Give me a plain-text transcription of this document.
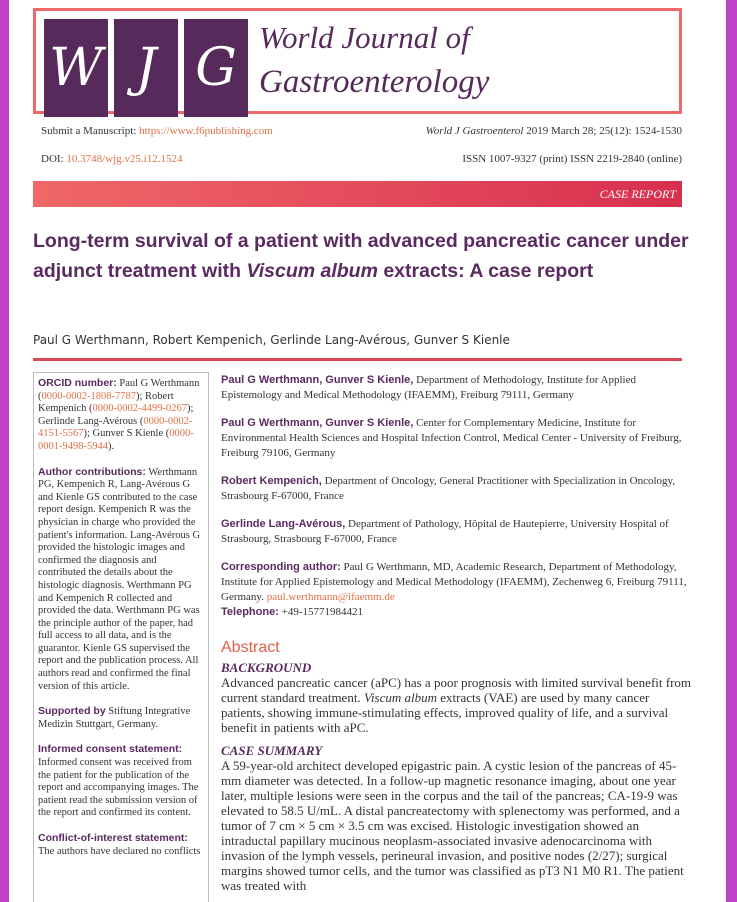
W J G
World Journal of
Gastroenterology
Submit a Manuscript: https://www.f6publishing.com	World J Gastroenterol 2019 March 28; 25(12): 1524-1530
DOI: 10.3748/wjg.v25.i12.1524	ISSN 1007-9327 (print) ISSN 2219-2840 (online)
CASE REPORT
Long-term survival of a patient with advanced pancreatic cancer under adjunct treatment with Viscum album extracts: A case report
Paul G Werthmann, Robert Kempenich, Gerlinde Lang-Avérous, Gunver S Kienle

ORCID number: Paul G Werthmann (0000-0002-1808-7787); Robert Kempenich (0000-0002-4499-0267); Gerlinde Lang-Avérous (0000-0002-4151-5567); Gunver S Kienle (0000-0001-9498-5944).

Author contributions: Werthmann PG, Kempenich R, Lang-Avérous G and Kienle GS contributed to the case report design. Kempenich R was the physician in charge who provided the patient's information. Lang-Avérous G provided the histologic images and confirmed the diagnosis and contributed the details about the histologic diagnosis. Werthmann PG and Kempenich R collected and provided the data. Werthmann PG was the principle author of the paper, had full access to all data, and is the guarantor. Kienle GS supervised the report and the publication process. All authors read and confirmed the final version of this article.

Supported by Stiftung Integrative Medizin Stuttgart, Germany.

Informed consent statement: Informed consent was received from the patient for the publication of the report and accompanying images. The patient read the submission version of the report and confirmed its content.

Conflict-of-interest statement: The authors have declared no conflicts

Paul G Werthmann, Gunver S Kienle, Department of Methodology, Institute for Applied Epistemology and Medical Methodology (IFAEMM), Freiburg 79111, Germany

Paul G Werthmann, Gunver S Kienle, Center for Complementary Medicine, Institute for Environmental Health Sciences and Hospital Infection Control, Medical Center - University of Freiburg, Freiburg 79106, Germany

Robert Kempenich, Department of Oncology, General Practitioner with Specialization in Oncology, Strasbourg F-67000, France

Gerlinde Lang-Avérous, Department of Pathology, Hôpital de Hautepierre, University Hospital of Strasbourg, Strasbourg F-67000, France

Corresponding author: Paul G Werthmann, MD, Academic Research, Department of Methodology, Institute for Applied Epistemology and Medical Methodology (IFAEMM), Zechenweg 6, Freiburg 79111, Germany. paul.werthmann@ifaemm.de

Telephone: +49-15771984421

Abstract
BACKGROUND

Advanced pancreatic cancer (aPC) has a poor prognosis with limited survival benefit from current standard treatment. Viscum album extracts (VAE) are used by many cancer patients, showing immune-stimulating effects, improved quality of life, and a survival benefit in patients with aPC.

CASE SUMMARY

A 59-year-old architect developed epigastric pain. A cystic lesion of the pancreas of 45-mm diameter was detected. In a follow-up magnetic resonance imaging, about one year later, multiple lesions were seen in the corpus and the tail of the pancreas; CA-19-9 was elevated to 58.5 U/mL. A distal pancreatectomy with splenectomy was performed, and a tumor of 7 cm × 5 cm × 3.5 cm was excised. Histologic investigation showed an intraductal papillary mucinous neoplasm-associated invasive adenocarcinoma with invasion of the lymph vessels, perineural invasion, and positive nodes (2/27); surgical margins showed tumor cells, and the tumor was classified as pT3 N1 M0 R1. The patient was treated with
